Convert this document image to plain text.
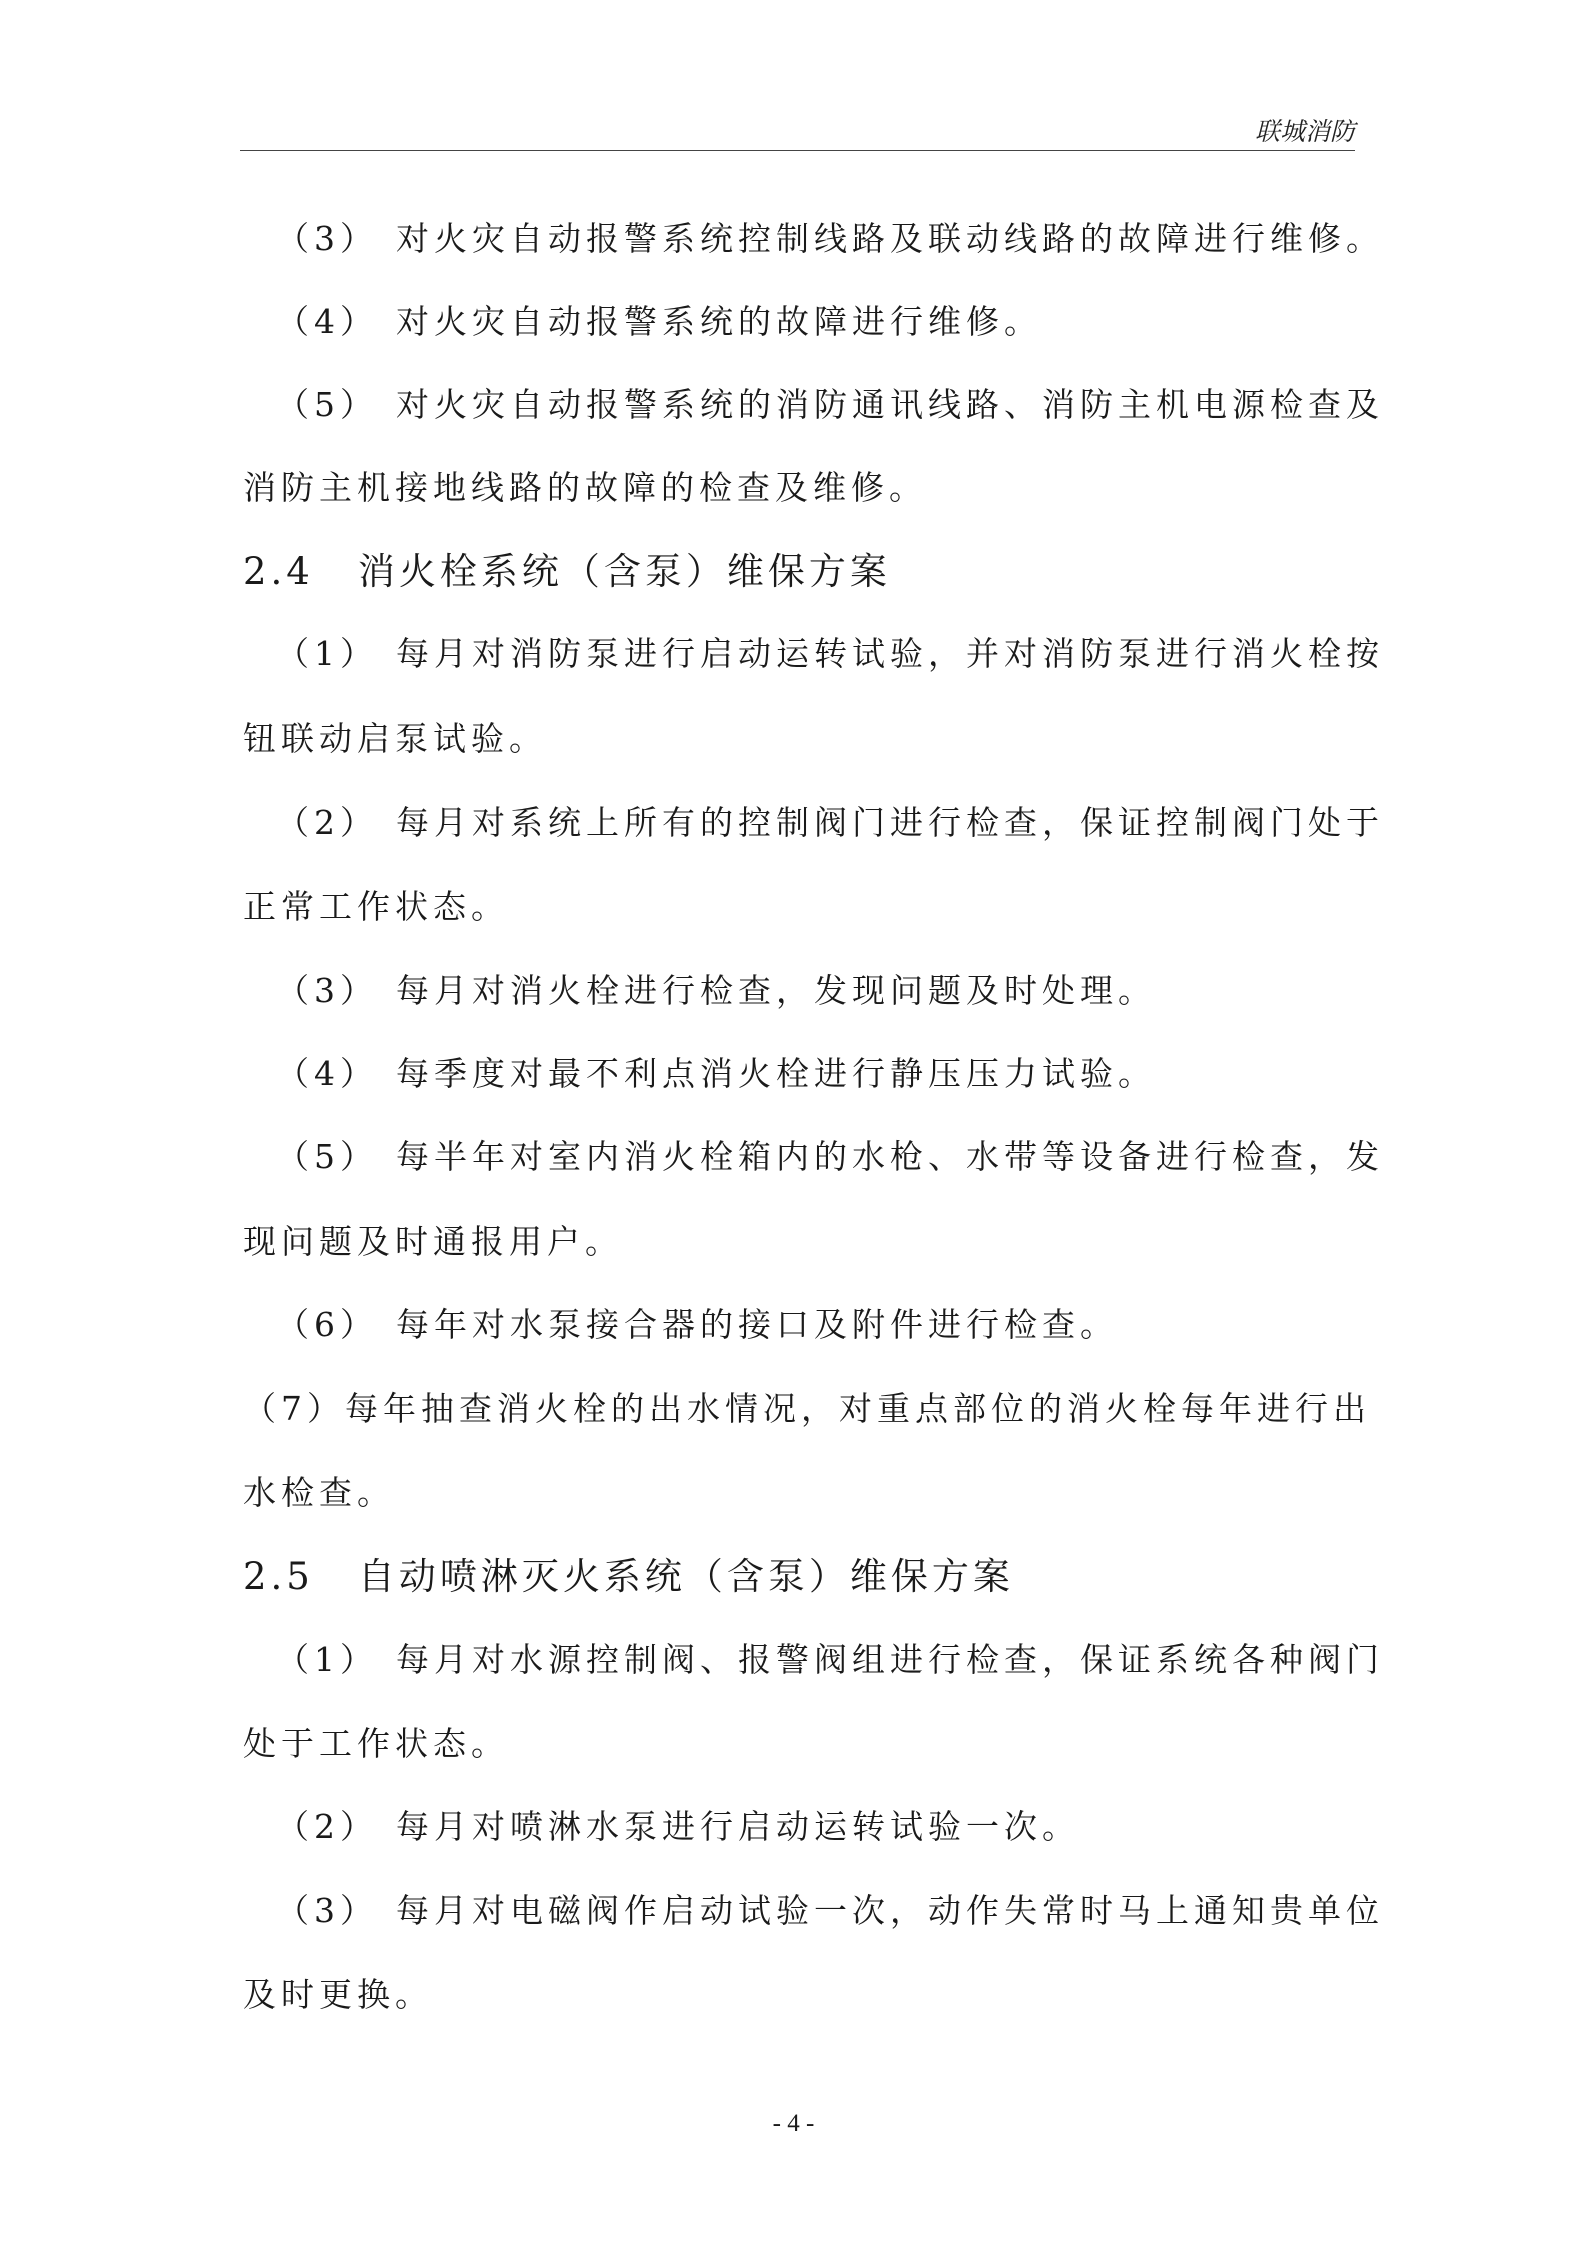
联城消防
（3） 对火灾自动报警系统控制线路及联动线路的故障进行维修。
（4） 对火灾自动报警系统的故障进行维修。
（5） 对火灾自动报警系统的消防通讯线路、消防主机电源检查及
消防主机接地线路的故障的检查及维修。
2.4 消火栓系统（含泵）维保方案
（1） 每月对消防泵进行启动运转试验，并对消防泵进行消火栓按
钮联动启泵试验。
（2） 每月对系统上所有的控制阀门进行检查，保证控制阀门处于
正常工作状态。
（3） 每月对消火栓进行检查，发现问题及时处理。
（4） 每季度对最不利点消火栓进行静压压力试验。
（5） 每半年对室内消火栓箱内的水枪、水带等设备进行检查，发
现问题及时通报用户。
（6） 每年对水泵接合器的接口及附件进行检查。
（7）每年抽查消火栓的出水情况，对重点部位的消火栓每年进行出
水检查。
2.5 自动喷淋灭火系统（含泵）维保方案
（1） 每月对水源控制阀、报警阀组进行检查，保证系统各种阀门
处于工作状态。
（2） 每月对喷淋水泵进行启动运转试验一次。
（3） 每月对电磁阀作启动试验一次，动作失常时马上通知贵单位
及时更换。
- 4 -
